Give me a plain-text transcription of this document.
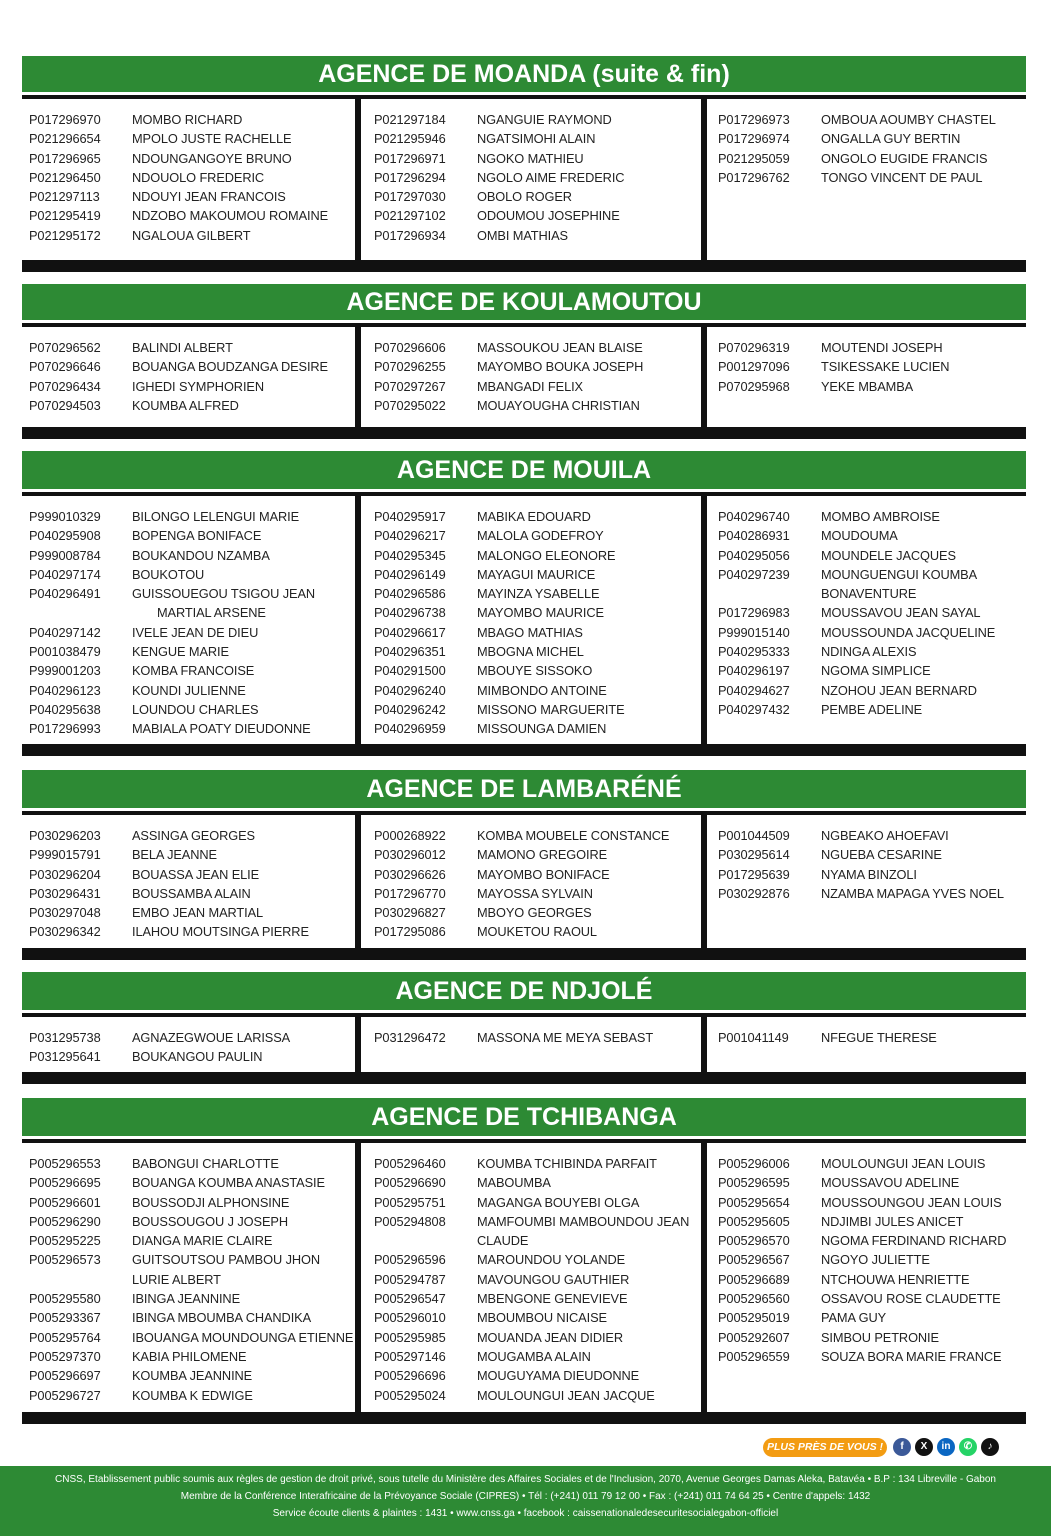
AGENCE DE MOANDA (suite & fin)
P017296970 MOMBO RICHARD
P021296654 MPOLO JUSTE RACHELLE
P017296965 NDOUNGANGOYE BRUNO
P021296450 NDOUOLO FREDERIC
P021297113	NDOUYI JEAN FRANCOIS
P021295419 NDZOBO MAKOUMOU ROMAINE
P021295172 NGALOUA GILBERT
P021297184 NGANGUIE RAYMOND
P021295946 NGATSIMOHI ALAIN
P017296971 NGOKO MATHIEU
P017296294 NGOLO AIME FREDERIC
P017297030 OBOLO ROGER
P021297102 ODOUMOU JOSEPHINE
P017296934 OMBI MATHIAS
P017296973 OMBOUA AOUMBY CHASTEL
P017296974 ONGALLA GUY BERTIN
P021295059 ONGOLO EUGIDE FRANCIS
P017296762 TONGO VINCENT DE PAUL
AGENCE DE KOULAMOUTOU
P070296562 BALINDI ALBERT
P070296646 BOUANGA BOUDZANGA DESIRE
P070296434 IGHEDI SYMPHORIEN
P070294503 KOUMBA ALFRED
P070296606 MASSOUKOU JEAN BLAISE
P070296255 MAYOMBO BOUKA JOSEPH
P070297267 MBANGADI FELIX
P070295022 MOUAYOUGHA CHRISTIAN
P070296319 MOUTENDI JOSEPH
P001297096 TSIKESSAKE LUCIEN
P070295968 YEKE MBAMBA
AGENCE DE MOUILA
P999010329 BILONGO LELENGUI MARIE
P040295908 BOPENGA BONIFACE
P999008784 BOUKANDOU NZAMBA
P040297174 BOUKOTOU
P040296491 GUISSOUEGOU TSIGOU JEAN
MARTIAL ARSENE
P040297142 IVELE JEAN DE DIEU
P001038479 KENGUE MARIE
P999001203 KOMBA FRANCOISE
P040296123 KOUNDI JULIENNE
P040295638 LOUNDOU CHARLES
P017296993 MABIALA POATY DIEUDONNE
P040295917 MABIKA EDOUARD
P040296217 MALOLA GODEFROY
P040295345 MALONGO ELEONORE
P040296149 MAYAGUI MAURICE
P040296586 MAYINZA YSABELLE
P040296738 MAYOMBO MAURICE
P040296617 MBAGO MATHIAS
P040296351 MBOGNA MICHEL
P040291500 MBOUYE SISSOKO
P040296240 MIMBONDO ANTOINE
P040296242 MISSONO MARGUERITE
P040296959 MISSOUNGA DAMIEN
P040296740 MOMBO AMBROISE
P040286931 MOUDOUMA
P040295056 MOUNDELE JACQUES
P040297239 MOUNGUENGUI KOUMBA
BONAVENTURE
P017296983 MOUSSAVOU JEAN SAYAL
P999015140 MOUSSOUNDA JACQUELINE
P040295333 NDINGA ALEXIS
P040296197 NGOMA SIMPLICE
P040294627 NZOHOU JEAN BERNARD
P040297432 PEMBE ADELINE
AGENCE DE LAMBARÉNÉ
P030296203 ASSINGA GEORGES
P999015791 BELA JEANNE
P030296204 BOUASSA JEAN ELIE
P030296431 BOUSSAMBA ALAIN
P030297048 EMBO JEAN MARTIAL
P030296342 ILAHOU MOUTSINGA PIERRE
P000268922 KOMBA MOUBELE CONSTANCE
P030296012 MAMONO GREGOIRE
P030296626 MAYOMBO BONIFACE
P017296770 MAYOSSA SYLVAIN
P030296827 MBOYO GEORGES
P017295086 MOUKETOU RAOUL
P001044509 NGBEAKO AHOEFAVI
P030295614 NGUEBA CESARINE
P017295639 NYAMA BINZOLI
P030292876 NZAMBA MAPAGA YVES NOEL
AGENCE DE NDJOLÉ
P031295738 AGNAZEGWOUE LARISSA
P031295641 BOUKANGOU PAULIN
P031296472 MASSONA ME MEYA SEBAST	P001041149	NFEGUE THERESE
AGENCE DE TCHIBANGA
P005296553 BABONGUI CHARLOTTE
P005296695 BOUANGA KOUMBA ANASTASIE
P005296601 BOUSSODJI ALPHONSINE
P005296290 BOUSSOUGOU J JOSEPH
P005295225 DIANGA MARIE CLAIRE
P005296573 GUITSOUTSOU PAMBOU JHON
LURIE ALBERT
P005295580 IBINGA JEANNINE
P005293367 IBINGA MBOUMBA CHANDIKA
P005295764 IBOUANGA MOUNDOUNGA ETIENNE
P005297370 KABIA PHILOMENE
P005296697 KOUMBA JEANNINE
P005296727 KOUMBA K EDWIGE
P005296460 KOUMBA TCHIBINDA PARFAIT
P005296690 MABOUMBA
P005295751 MAGANGA BOUYEBI OLGA
P005294808 MAMFOUMBI MAMBOUNDOU JEAN
CLAUDE
P005296596 MAROUNDOU YOLANDE
P005294787 MAVOUNGOU GAUTHIER
P005296547 MBENGONE GENEVIEVE
P005296010 MBOUMBOU NICAISE
P005295985 MOUANDA JEAN DIDIER
P005297146 MOUGAMBA ALAIN
P005296696 MOUGUYAMA DIEUDONNE
P005295024 MOULOUNGUI JEAN JACQUE
P005296006 MOULOUNGUI JEAN LOUIS
P005296595 MOUSSAVOU ADELINE
P005295654 MOUSSOUNGOU JEAN LOUIS
P005295605 NDJIMBI JULES ANICET
P005296570 NGOMA FERDINAND RICHARD
P005296567 NGOYO JULIETTE
P005296689 NTCHOUWA HENRIETTE
P005296560 OSSAVOU ROSE CLAUDETTE
P005295019 PAMA GUY
P005292607 SIMBOU PETRONIE
P005296559 SOUZA BORA MARIE FRANCE
PLUS PRÈS DE VOUS !	f	X	in	✆	♪
CNSS, Etablissement public soumis aux règles de gestion de droit privé, sous tutelle du Ministère des Affaires Sociales et de l'Inclusion, 2070, Avenue Georges Damas Aleka, Batavéa • B.P : 134 Libreville - Gabon
Membre de la Conférence Interafricaine de la Prévoyance Sociale (CIPRES) • Tél : (+241) 011 79 12 00 • Fax : (+241) 011 74 64 25 • Centre d'appels: 1432
Service écoute clients & plaintes : 1431 • www.cnss.ga • facebook : caissenationaledesecuritesocialegabon-officiel
